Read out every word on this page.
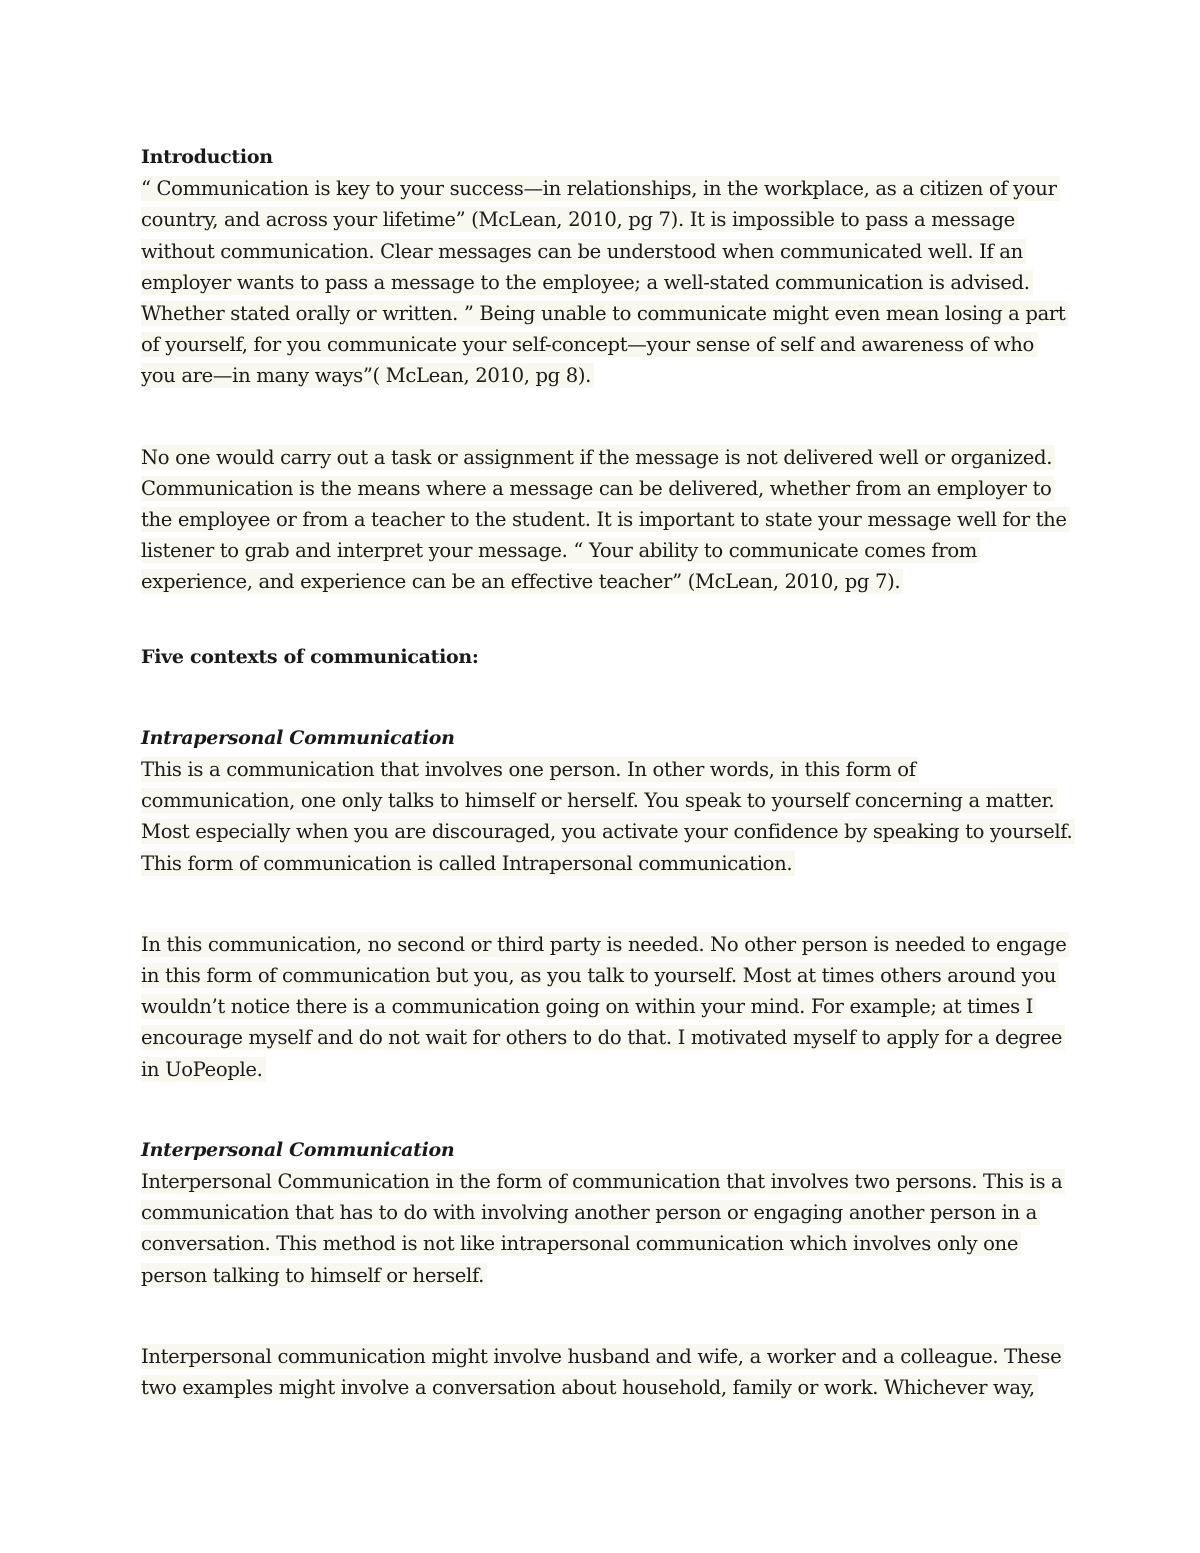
Introduction
“ Communication is key to your success—in relationships, in the workplace, as a citizen of your
country, and across your lifetime” (McLean, 2010, pg 7). It is impossible to pass a message
without communication. Clear messages can be understood when communicated well. If an
employer wants to pass a message to the employee; a well-stated communication is advised.
Whether stated orally or written. ” Being unable to communicate might even mean losing a part
of yourself, for you communicate your self-concept—your sense of self and awareness of who
you are—in many ways”( McLean, 2010, pg 8).
No one would carry out a task or assignment if the message is not delivered well or organized.
Communication is the means where a message can be delivered, whether from an employer to
the employee or from a teacher to the student. It is important to state your message well for the
listener to grab and interpret your message. “ Your ability to communicate comes from
experience, and experience can be an effective teacher” (McLean, 2010, pg 7).
Five contexts of communication:
Intrapersonal Communication
This is a communication that involves one person. In other words, in this form of
communication, one only talks to himself or herself. You speak to yourself concerning a matter.
Most especially when you are discouraged, you activate your confidence by speaking to yourself.
This form of communication is called Intrapersonal communication.
In this communication, no second or third party is needed. No other person is needed to engage
in this form of communication but you, as you talk to yourself. Most at times others around you
wouldn’t notice there is a communication going on within your mind. For example; at times I
encourage myself and do not wait for others to do that. I motivated myself to apply for a degree
in UoPeople.
Interpersonal Communication
Interpersonal Communication in the form of communication that involves two persons. This is a
communication that has to do with involving another person or engaging another person in a
conversation. This method is not like intrapersonal communication which involves only one
person talking to himself or herself.
Interpersonal communication might involve husband and wife, a worker and a colleague. These
two examples might involve a conversation about household, family or work. Whichever way,
